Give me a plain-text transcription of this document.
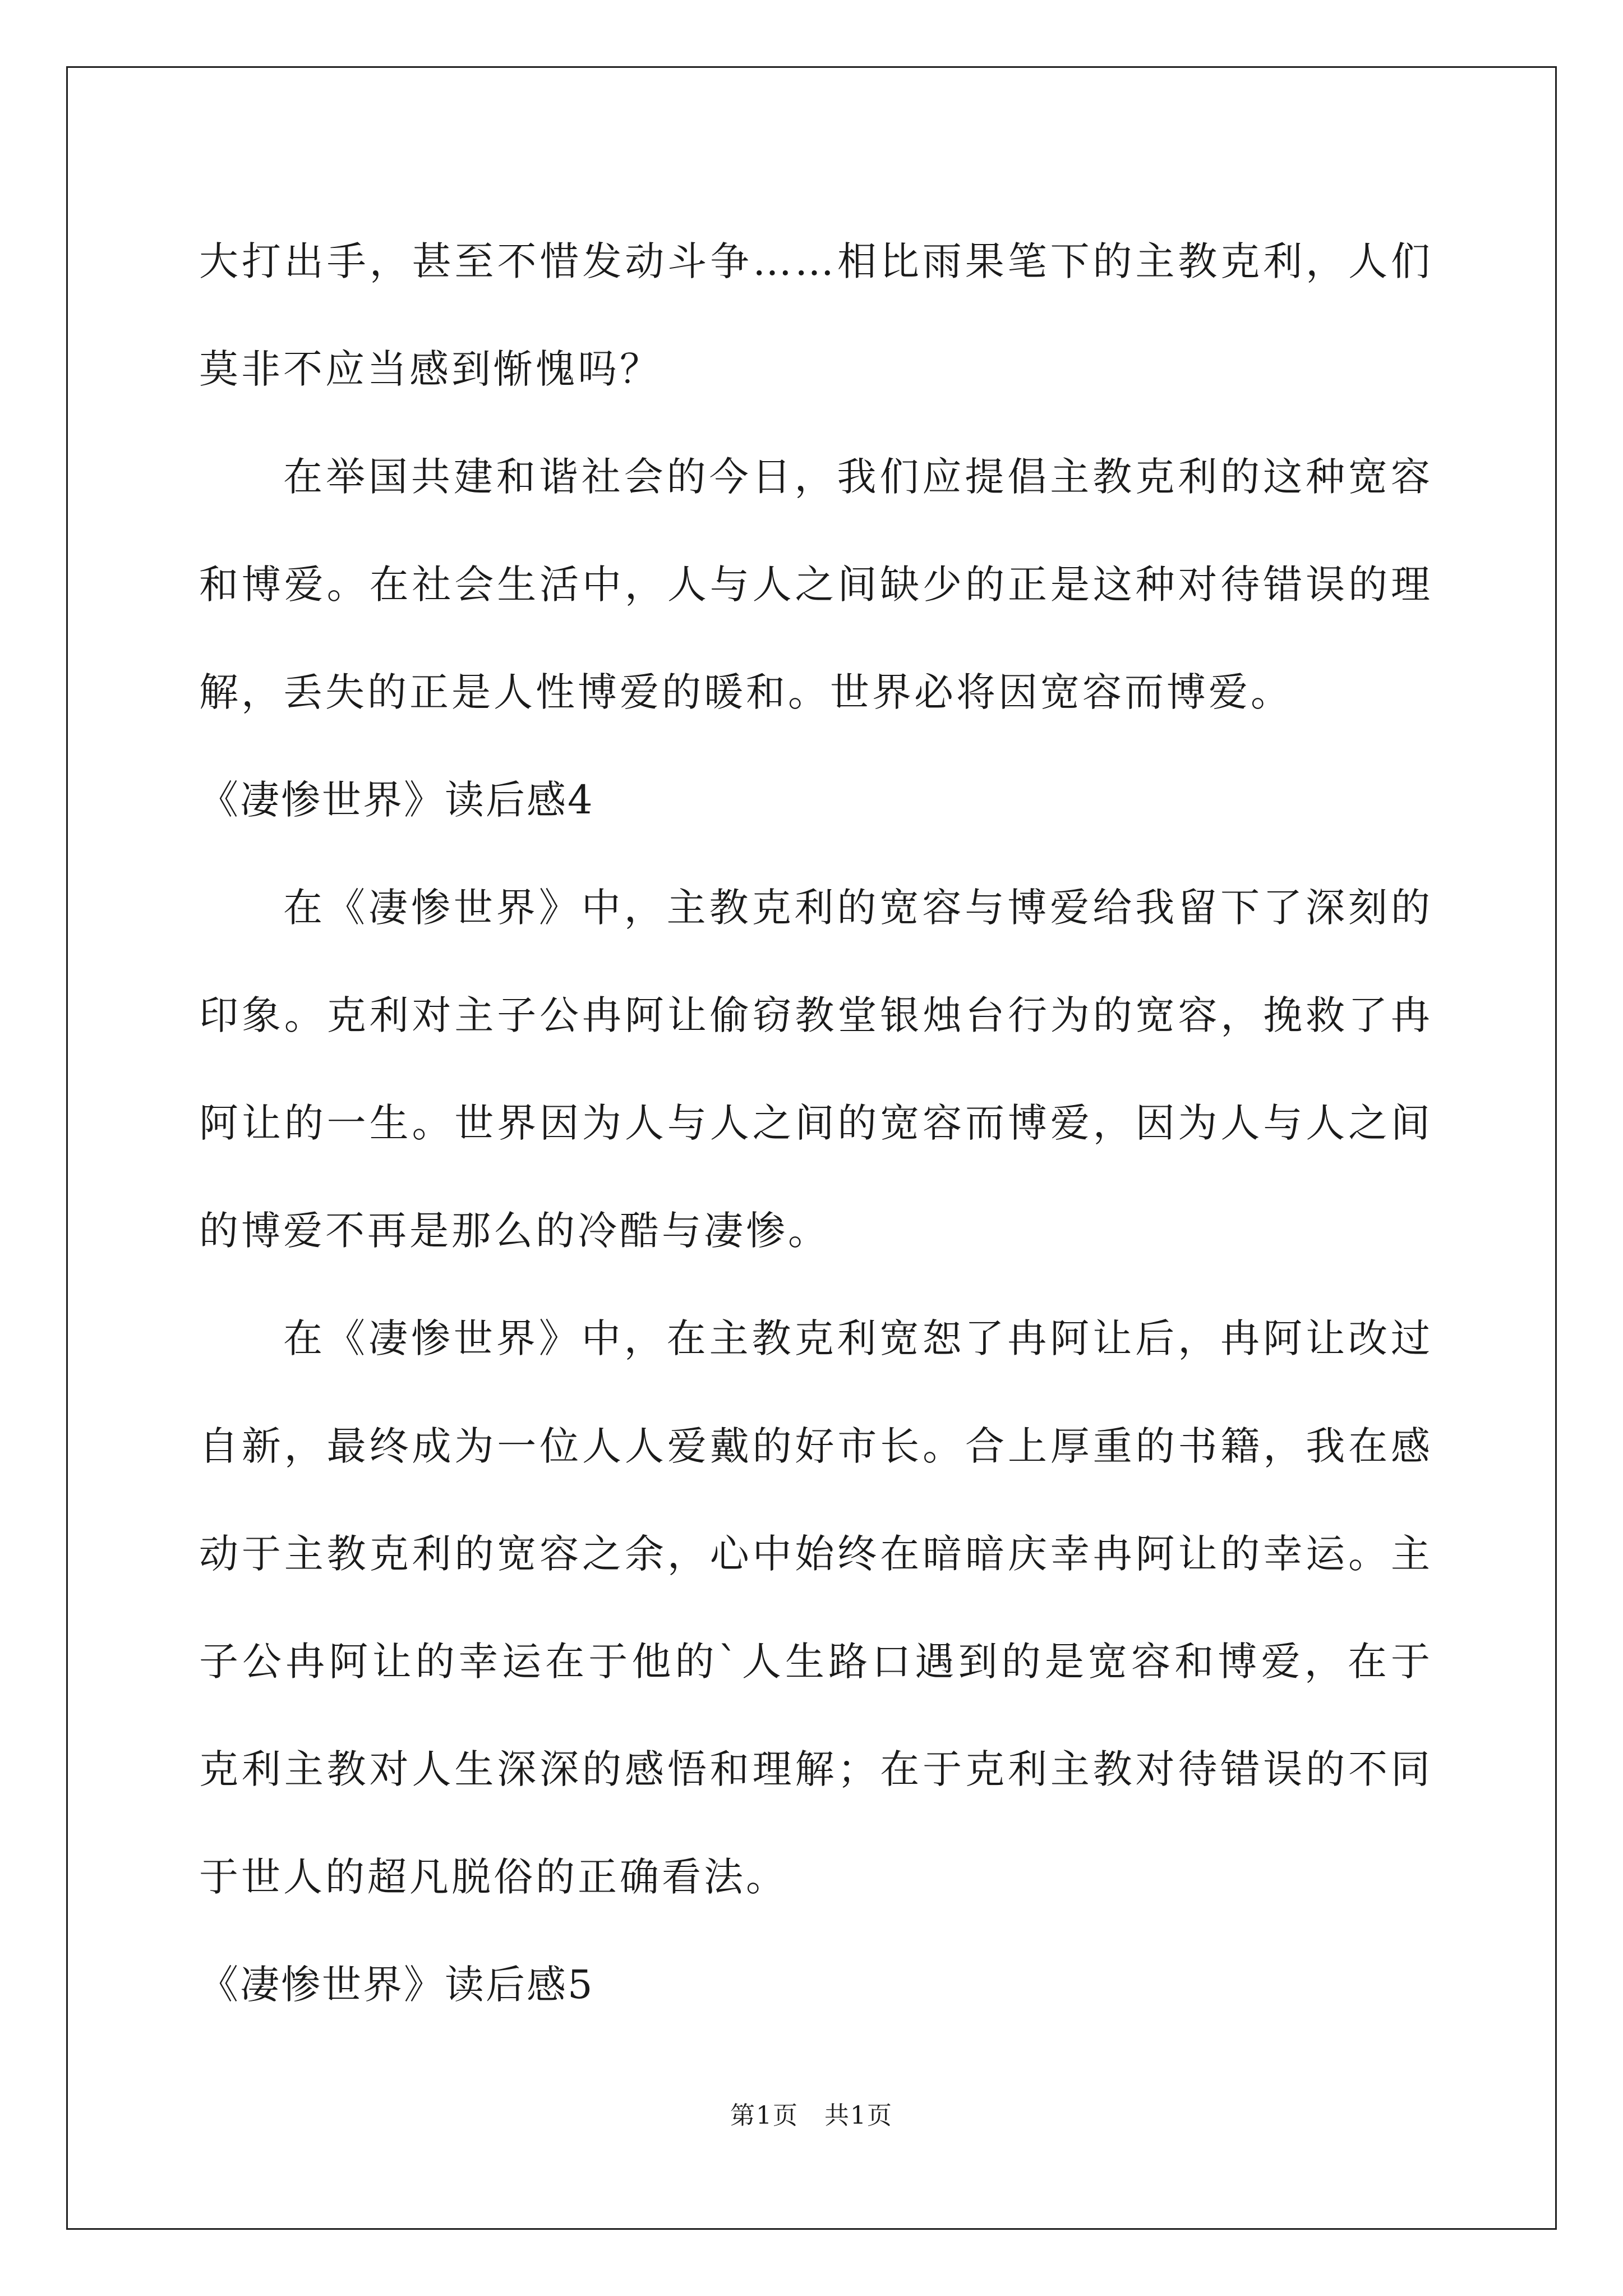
大打出手，甚至不惜发动斗争……相比雨果笔下的主教克利，人们莫非不应当感到惭愧吗？

在举国共建和谐社会的今日，我们应提倡主教克利的这种宽容和博爱。在社会生活中，人与人之间缺少的正是这种对待错误的理解，丢失的正是人性博爱的暖和。世界必将因宽容而博爱。

《凄惨世界》读后感4

在《凄惨世界》中，主教克利的宽容与博爱给我留下了深刻的印象。克利对主子公冉阿让偷窃教堂银烛台行为的宽容，挽救了冉阿让的一生。世界因为人与人之间的宽容而博爱，因为人与人之间的博爱不再是那么的冷酷与凄惨。

在《凄惨世界》中，在主教克利宽恕了冉阿让后，冉阿让改过自新，最终成为一位人人爱戴的好市长。合上厚重的书籍，我在感动于主教克利的宽容之余，心中始终在暗暗庆幸冉阿让的幸运。主子公冉阿让的幸运在于他的`人生路口遇到的是宽容和博爱，在于克利主教对人生深深的感悟和理解；在于克利主教对待错误的不同于世人的超凡脱俗的正确看法。

《凄惨世界》读后感5

第1页　共1页
